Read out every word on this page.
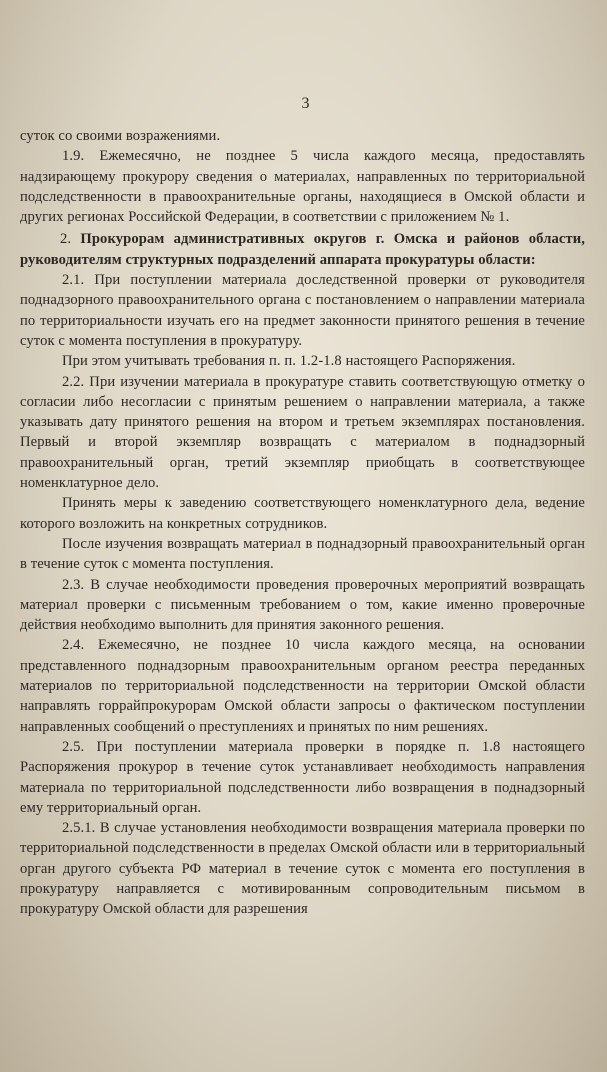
3

суток со своими возражениями.

1.9. Ежемесячно, не позднее 5 числа каждого месяца, предоставлять надзирающему прокурору сведения о материалах, направленных по территориальной подследственности в правоохранительные органы, находящиеся в Омской области и других регионах Российской Федерации, в соответствии с приложением № 1.

2. Прокурорам административных округов г. Омска и районов области, руководителям структурных подразделений аппарата прокуратуры области:

2.1. При поступлении материала доследственной проверки от руководителя поднадзорного правоохранительного органа с постановлением о направлении материала по территориальности изучать его на предмет законности принятого решения в течение суток с момента поступления в прокуратуру.

При этом учитывать требования п. п. 1.2-1.8 настоящего Распоряжения.

2.2. При изучении материала в прокуратуре ставить соответствующую отметку о согласии либо несогласии с принятым решением о направлении материала, а также указывать дату принятого решения на втором и третьем экземплярах постановления. Первый и второй экземпляр возвращать с материалом в поднадзорный правоохранительный орган, третий экземпляр приобщать в соответствующее номенклатурное дело.

Принять меры к заведению соответствующего номенклатурного дела, ведение которого возложить на конкретных сотрудников.

После изучения возвращать материал в поднадзорный правоохранительный орган в течение суток с момента поступления.

2.3. В случае необходимости проведения проверочных мероприятий возвращать материал проверки с письменным требованием о том, какие именно проверочные действия необходимо выполнить для принятия законного решения.

2.4. Ежемесячно, не позднее 10 числа каждого месяца, на основании представленного поднадзорным правоохранительным органом реестра переданных материалов по территориальной подследственности на территории Омской области направлять горрайпрокурорам Омской области запросы о фактическом поступлении направленных сообщений о преступлениях и принятых по ним решениях.

2.5. При поступлении материала проверки в порядке п. 1.8 настоящего Распоряжения прокурор в течение суток устанавливает необходимость направления материала по территориальной подследственности либо возвращения в поднадзорный ему территориальный орган.

2.5.1. В случае установления необходимости возвращения материала проверки по территориальной подследственности в пределах Омской области или в территориальный орган другого субъекта РФ материал в течение суток с момента его поступления в прокуратуру направляется с мотивированным сопроводительным письмом в прокуратуру Омской области для разрешения
